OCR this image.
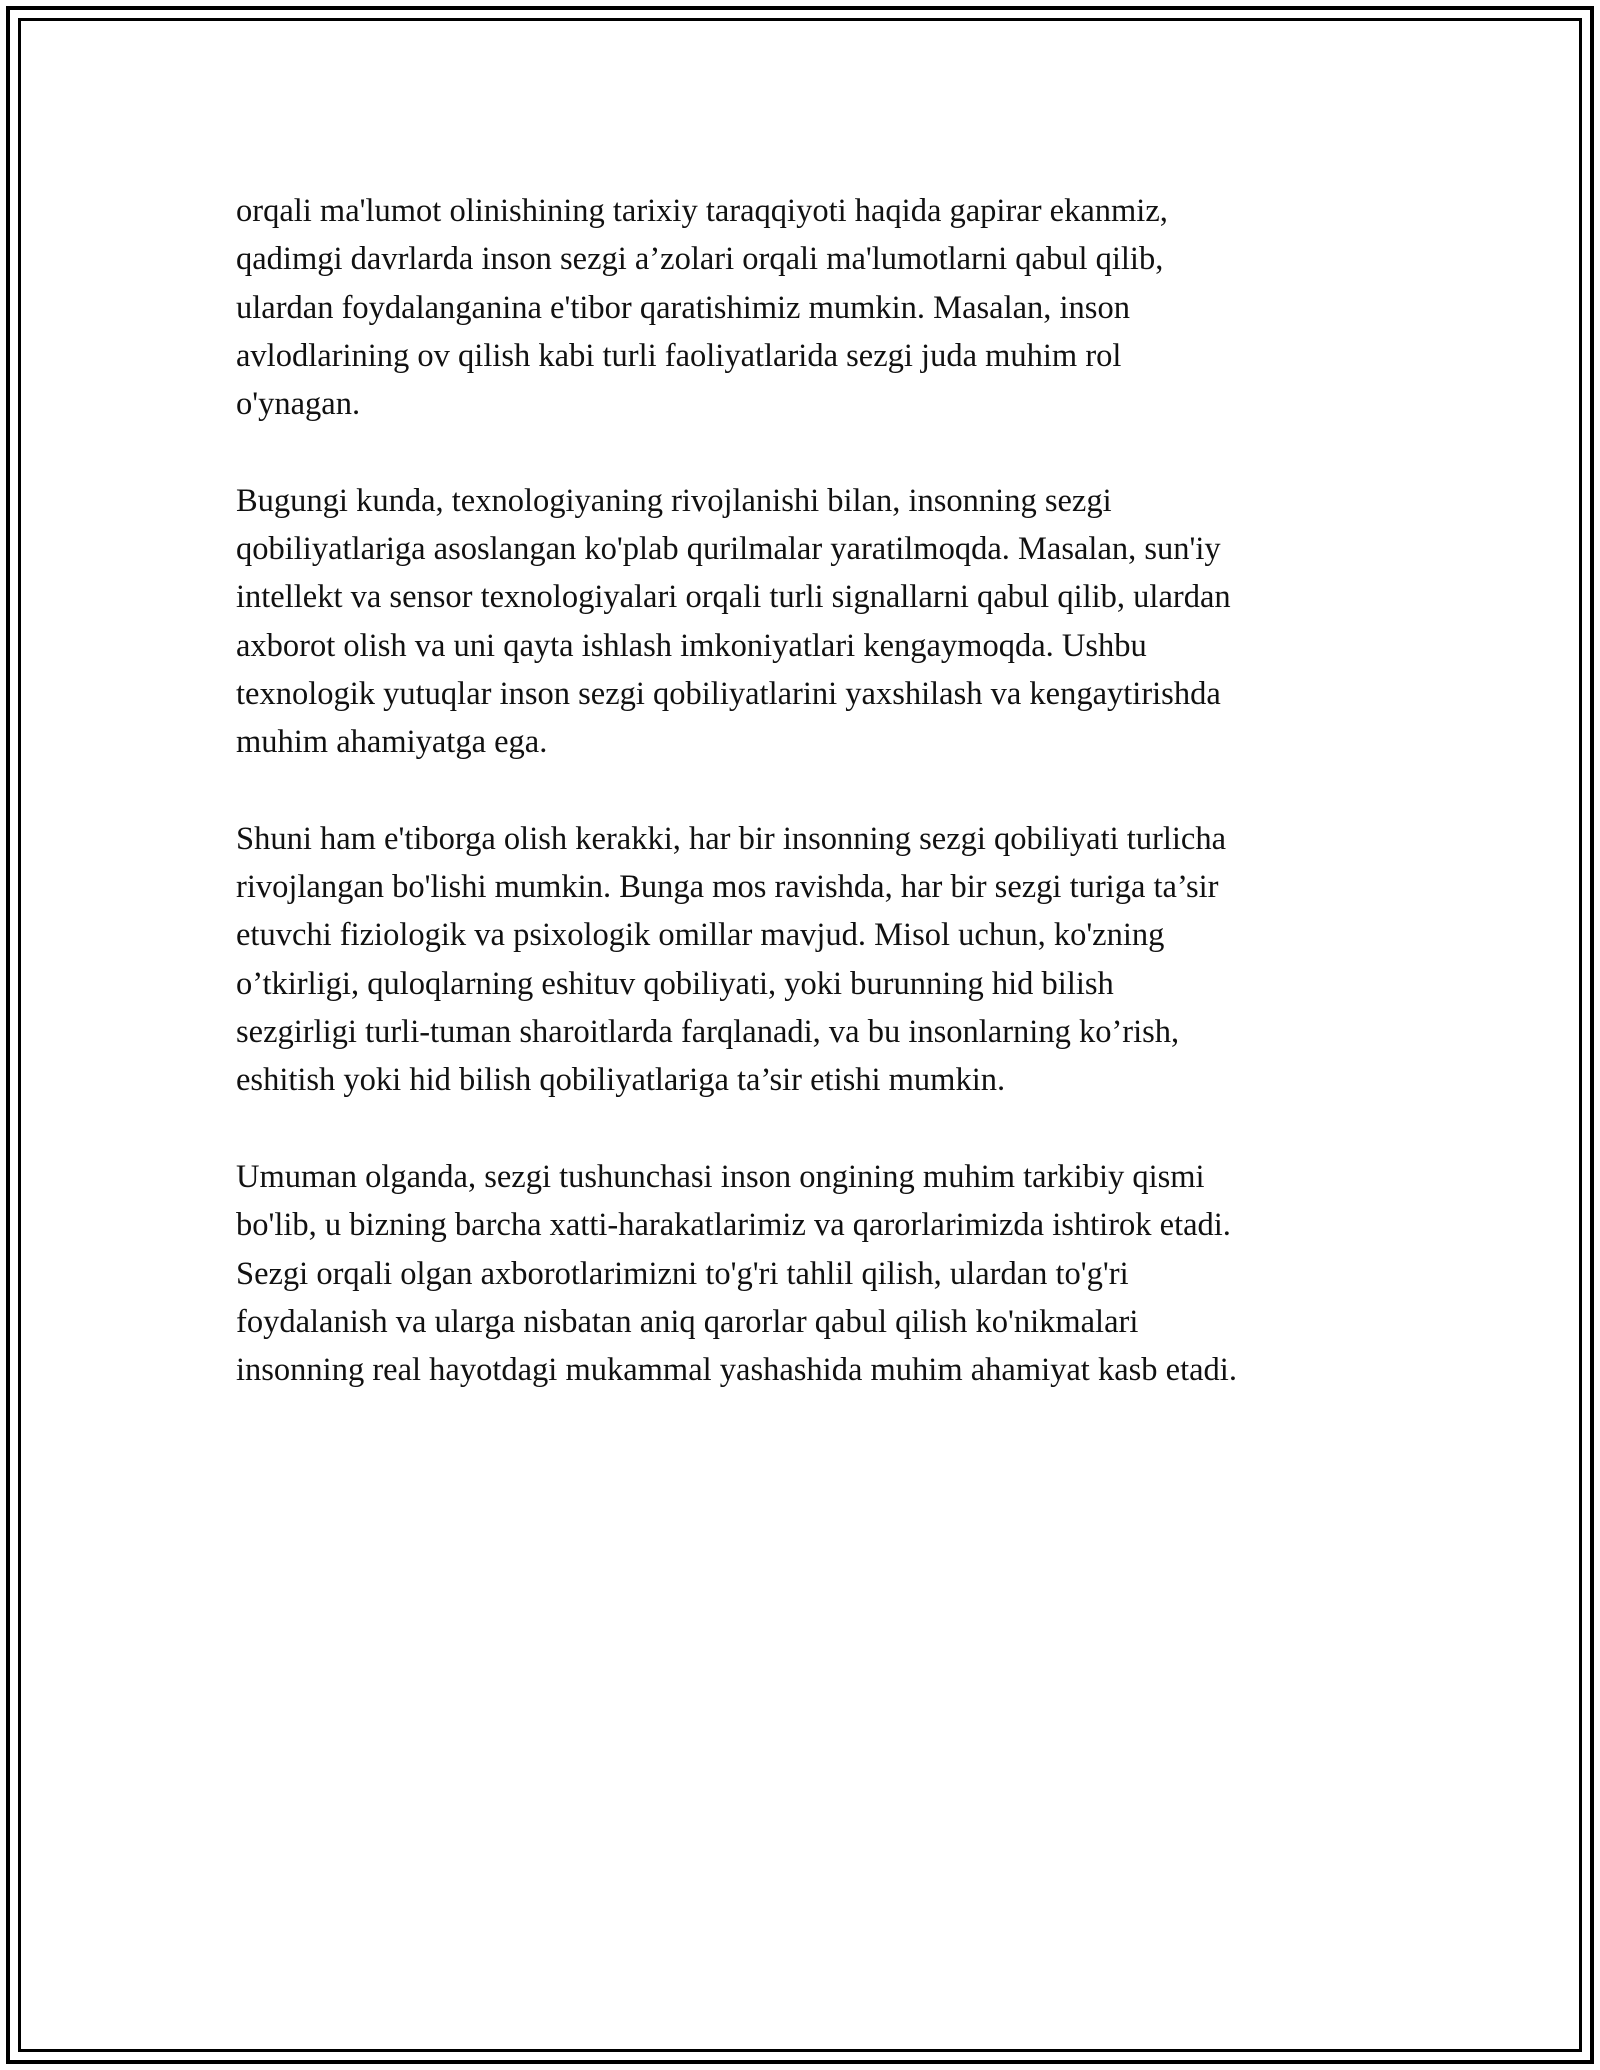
orqali ma'lumot olinishining tarixiy taraqqiyoti haqida gapirar ekanmiz,
qadimgi davrlarda inson sezgi a’zolari orqali ma'lumotlarni qabul qilib,
ulardan foydalanganina e'tibor qaratishimiz mumkin. Masalan, inson
avlodlarining ov qilish kabi turli faoliyatlarida sezgi juda muhim rol
o'ynagan.

Bugungi kunda, texnologiyaning rivojlanishi bilan, insonning sezgi
qobiliyatlariga asoslangan ko'plab qurilmalar yaratilmoqda. Masalan, sun'iy
intellekt va sensor texnologiyalari orqali turli signallarni qabul qilib, ulardan
axborot olish va uni qayta ishlash imkoniyatlari kengaymoqda. Ushbu
texnologik yutuqlar inson sezgi qobiliyatlarini yaxshilash va kengaytirishda
muhim ahamiyatga ega.

Shuni ham e'tiborga olish kerakki, har bir insonning sezgi qobiliyati turlicha
rivojlangan bo'lishi mumkin. Bunga mos ravishda, har bir sezgi turiga ta’sir
etuvchi fiziologik va psixologik omillar mavjud. Misol uchun, ko'zning
o’tkirligi, quloqlarning eshituv qobiliyati, yoki burunning hid bilish
sezgirligi turli-tuman sharoitlarda farqlanadi, va bu insonlarning ko’rish,
eshitish yoki hid bilish qobiliyatlariga ta’sir etishi mumkin.

Umuman olganda, sezgi tushunchasi inson ongining muhim tarkibiy qismi
bo'lib, u bizning barcha xatti-harakatlarimiz va qarorlarimizda ishtirok etadi.
Sezgi orqali olgan axborotlarimizni to'g'ri tahlil qilish, ulardan to'g'ri
foydalanish va ularga nisbatan aniq qarorlar qabul qilish ko'nikmalari
insonning real hayotdagi mukammal yashashida muhim ahamiyat kasb etadi.
